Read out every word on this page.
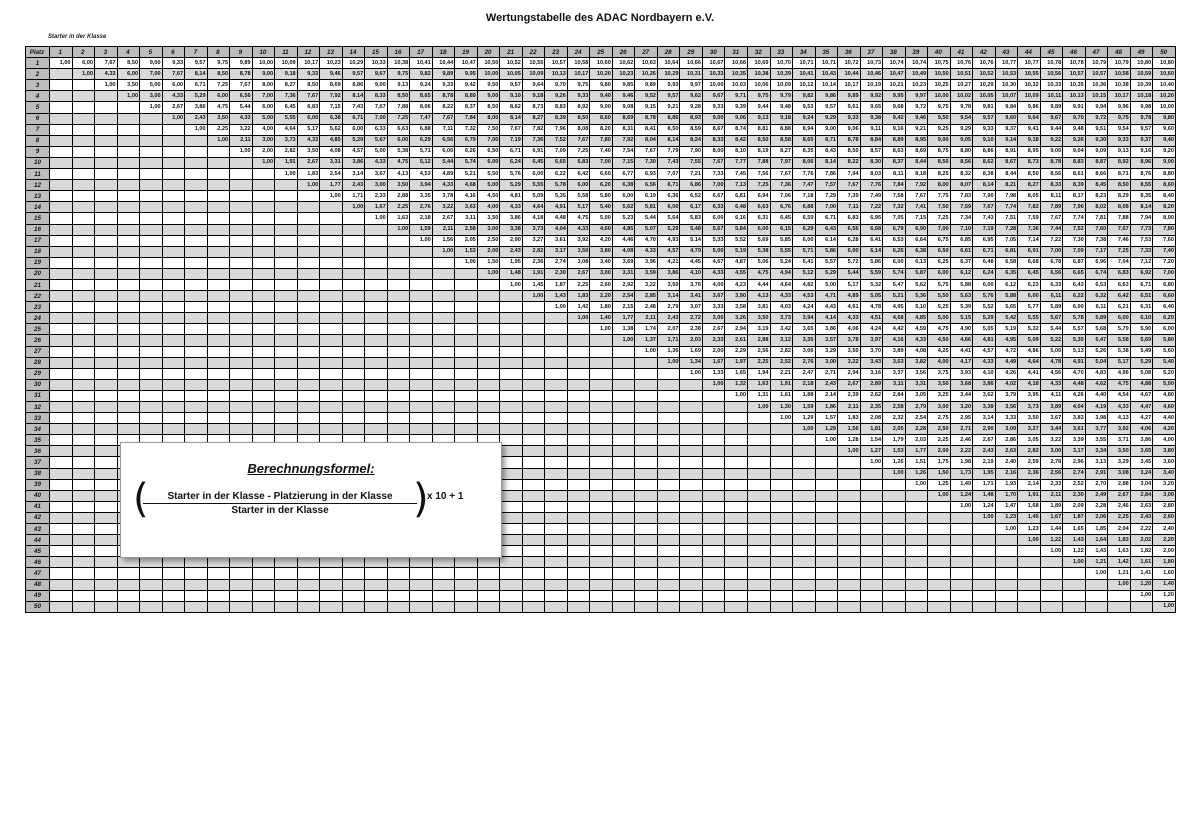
Wertungstabelle des ADAC Nordbayern e.V.
Starter in der Klasse
Platz	1	2	3	4	5	6	7	8	9	10	11	12	13	14	15	16	17	18	19	20	21	22	23	24	25	26	27	28	29	30	31	32	33	34	35	36	37	38	39	40	41	42	43	44	45	46	47	48	49	50
1	1,00	6,00	7,67	8,50	9,00	9,33	9,57	9,75	9,89	10,00	10,09	10,17	10,23	10,29	10,33	10,38	10,41	10,44	10,47	10,50	10,52	10,55	10,57	10,58	10,60	10,62	10,63	10,64	10,66	10,67	10,68	10,69	10,70	10,71	10,71	10,72	10,73	10,74	10,74	10,75	10,76	10,76	10,77	10,77	10,78	10,78	10,79	10,79	10,80	10,80
2		1,00	4,33	6,00	7,00	7,67	8,14	8,50	8,78	9,00	9,18	9,33	9,46	9,57	9,67	9,75	9,82	9,89	9,95	10,00	10,05	10,09	10,13	10,17	10,20	10,23	10,26	10,29	10,31	10,33	10,35	10,38	10,39	10,41	10,43	10,44	10,46	10,47	10,49	10,50	10,51	10,52	10,53	10,55	10,56	10,57	10,57	10,58	10,59	10,60
3			1,00	3,50	5,00	6,00	6,71	7,25	7,67	8,00	8,27	8,50	8,69	8,86	9,00	9,13	9,24	9,33	9,42	9,50	9,57	9,64	9,70	9,75	9,80	9,85	9,89	9,93	9,97	10,00	10,03	10,06	10,09	10,12	10,14	10,17	10,19	10,21	10,23	10,25	10,27	10,29	10,30	10,32	10,33	10,35	10,36	10,38	10,39	10,40
4				1,00	3,00	4,33	5,29	6,00	6,56	7,00	7,36	7,67	7,92	8,14	8,33	8,50	8,65	8,78	8,89	9,00	9,10	9,18	9,26	9,33	9,40	9,46	9,52	9,57	9,62	9,67	9,71	9,75	9,79	9,82	9,86	9,89	9,92	9,95	9,97	10,00	10,02	10,05	10,07	10,09	10,11	10,13	10,15	10,17	10,18	10,20
5					1,00	2,67	3,86	4,75	5,44	6,00	6,45	6,83	7,15	7,43	7,67	7,88	8,06	8,22	8,37	8,50	8,62	8,73	8,83	8,92	9,00	9,08	9,15	9,21	9,28	9,33	9,39	9,44	9,48	9,53	9,57	9,61	9,65	9,68	9,72	9,75	9,78	9,81	9,84	9,86	9,89	9,91	9,94	9,96	9,98	10,00
6						1,00	2,43	3,50	4,33	5,00	5,55	6,00	6,38	6,71	7,00	7,25	7,47	7,67	7,84	8,00	8,14	8,27	8,39	8,50	8,60	8,69	8,78	8,86	8,93	9,00	9,06	9,13	9,18	9,24	9,29	9,33	9,38	9,42	9,46	9,50	9,54	9,57	9,60	9,64	9,67	9,70	9,72	9,75	9,78	9,80
7							1,00	2,25	3,22	4,00	4,64	5,17	5,62	6,00	6,33	6,63	6,88	7,11	7,32	7,50	7,67	7,82	7,96	8,08	8,20	8,31	8,41	8,50	8,59	8,67	8,74	8,81	8,88	8,94	9,00	9,06	9,11	9,16	9,21	9,25	9,29	9,33	9,37	9,41	9,44	9,48	9,51	9,54	9,57	9,60
8								1,00	2,11	3,00	3,73	4,33	4,85	5,29	5,67	6,00	6,29	6,56	6,79	7,00	7,19	7,36	7,52	7,67	7,80	7,92	8,04	8,14	8,24	8,33	8,42	8,50	8,58	8,65	8,71	8,78	8,84	8,89	8,95	9,00	9,05	9,10	9,14	9,18	9,22	9,26	9,30	9,33	9,37	9,40
9									1,00	2,00	2,82	3,50	4,08	4,57	5,00	5,38	5,71	6,00	6,26	6,50	6,71	6,91	7,09	7,25	7,40	7,54	7,67	7,79	7,90	8,00	8,10	8,19	8,27	8,35	8,43	8,50	8,57	8,63	8,69	8,75	8,80	8,86	8,91	8,95	9,00	9,04	9,09	9,13	9,16	9,20
10										1,00	1,91	2,67	3,31	3,86	4,33	4,75	5,12	5,44	5,74	6,00	6,24	6,45	6,65	6,83	7,00	7,15	7,30	7,43	7,55	7,67	7,77	7,88	7,97	8,06	8,14	8,22	8,30	8,37	8,44	8,50	8,56	8,62	8,67	8,73	8,78	8,83	8,87	8,92	8,96	9,00
11											1,00	1,83	2,54	3,14	3,67	4,13	4,53	4,89	5,21	5,50	5,76	6,00	6,22	6,42	6,60	6,77	6,93	7,07	7,21	7,33	7,45	7,56	7,67	7,76	7,86	7,94	8,03	8,11	8,18	8,25	8,32	8,38	8,44	8,50	8,56	8,61	8,66	8,71	8,76	8,80
12												1,00	1,77	2,43	3,00	3,50	3,94	4,33	4,68	5,00	5,29	5,55	5,78	6,00	6,20	6,38	6,56	6,71	6,86	7,00	7,13	7,25	7,36	7,47	7,57	7,67	7,76	7,84	7,92	8,00	8,07	8,14	8,21	8,27	8,33	8,39	8,45	8,50	8,55	8,60
13													1,00	1,71	2,33	2,88	3,35	3,78	4,16	4,50	4,81	5,09	5,35	5,58	5,80	6,00	6,19	6,36	6,52	6,67	6,81	6,94	7,06	7,18	7,29	7,39	7,49	7,58	7,67	7,75	7,83	7,90	7,98	8,05	8,11	8,17	8,23	8,29	8,35	8,40
14														1,00	1,67	2,25	2,76	3,22	3,63	4,00	4,33	4,64	4,91	5,17	5,40	5,62	5,81	6,00	6,17	6,33	6,48	6,63	6,76	6,88	7,00	7,11	7,22	7,32	7,41	7,50	7,59	7,67	7,74	7,82	7,89	7,96	8,02	8,08	8,14	8,20
15															1,00	1,63	2,18	2,67	3,11	3,50	3,86	4,18	4,48	4,75	5,00	5,23	5,44	5,64	5,83	6,00	6,16	6,31	6,45	6,59	6,71	6,83	6,95	7,05	7,15	7,25	7,34	7,43	7,51	7,59	7,67	7,74	7,81	7,88	7,94	8,00
16																1,00	1,59	2,11	2,58	3,00	3,38	3,73	4,04	4,33	4,60	4,85	5,07	5,29	5,48	5,67	5,84	6,00	6,15	6,29	6,43	6,56	6,68	6,79	6,90	7,00	7,10	7,19	7,28	7,36	7,44	7,52	7,60	7,67	7,73	7,80
17																	1,00	1,56	2,05	2,50	2,90	3,27	3,61	3,92	4,20	4,46	4,70	4,93	5,14	5,33	5,52	5,69	5,85	6,00	6,14	6,28	6,41	6,53	6,64	6,75	6,85	6,95	7,05	7,14	7,22	7,30	7,38	7,46	7,53	7,60
18																		1,00	1,53	2,00	2,43	2,82	3,17	3,50	3,80	4,08	4,33	4,57	4,79	5,00	5,19	5,38	5,55	5,71	5,86	6,00	6,14	6,26	6,38	6,50	6,61	6,71	6,81	6,91	7,00	7,09	7,17	7,25	7,33	7,40
19																			1,00	1,50	1,95	2,36	2,74	3,08	3,40	3,69	3,96	4,21	4,45	4,67	4,87	5,06	5,24	5,41	5,57	5,72	5,86	6,00	6,13	6,25	6,37	6,48	6,58	6,68	6,78	6,87	6,96	7,04	7,12	7,20
20																				1,00	1,48	1,91	2,30	2,67	3,00	3,31	3,59	3,86	4,10	4,33	4,55	4,75	4,94	5,12	5,29	5,44	5,59	5,74	5,87	6,00	6,12	6,24	6,35	6,45	6,56	6,65	6,74	6,83	6,92	7,00
21																					1,00	1,45	1,87	2,25	2,60	2,92	3,22	3,50	3,76	4,00	4,23	4,44	4,64	4,82	5,00	5,17	5,32	5,47	5,62	5,75	5,88	6,00	6,12	6,23	6,33	6,43	6,53	6,63	6,71	6,80
22																						1,00	1,43	1,83	2,20	2,54	2,85	3,14	3,41	3,67	3,90	4,13	4,33	4,53	4,71	4,89	5,05	5,21	5,36	5,50	5,63	5,76	5,88	6,00	6,11	6,22	6,32	6,42	6,51	6,60
23																							1,00	1,42	1,80	2,15	2,48	2,79	3,07	3,33	3,58	3,81	4,03	4,24	4,43	4,61	4,78	4,95	5,10	5,25	5,39	5,52	5,65	5,77	5,89	6,00	6,11	6,21	6,31	6,40
24																								1,00	1,40	1,77	2,11	2,43	2,72	3,00	3,26	3,50	3,73	3,94	4,14	4,33	4,51	4,68	4,85	5,00	5,15	5,29	5,42	5,55	5,67	5,78	5,89	6,00	6,10	6,20
25																									1,00	1,38	1,74	2,07	2,38	2,67	2,94	3,19	3,42	3,65	3,86	4,06	4,24	4,42	4,59	4,75	4,90	5,05	5,19	5,32	5,44	5,57	5,68	5,79	5,90	6,00
26																										1,00	1,37	1,71	2,03	2,33	2,61	2,88	3,12	3,35	3,57	3,78	3,97	4,16	4,33	4,50	4,66	4,81	4,95	5,09	5,22	5,35	5,47	5,58	5,69	5,80
27																											1,00	1,36	1,69	2,00	2,29	2,56	2,82	3,06	3,29	3,50	3,70	3,89	4,08	4,25	4,41	4,57	4,72	4,86	5,00	5,13	5,26	5,38	5,49	5,60
28																												1,00	1,34	1,67	1,97	2,25	2,52	2,76	3,00	3,22	3,43	3,63	3,82	4,00	4,17	4,33	4,49	4,64	4,78	4,91	5,04	5,17	5,29	5,40
29																													1,00	1,33	1,65	1,94	2,21	2,47	2,71	2,94	3,16	3,37	3,56	3,75	3,93	4,10	4,26	4,41	4,56	4,70	4,83	4,96	5,08	5,20
30																														1,00	1,32	1,63	1,91	2,18	2,43	2,67	2,89	3,11	3,31	3,50	3,68	3,86	4,02	4,18	4,33	4,48	4,62	4,75	4,88	5,00
31																															1,00	1,31	1,61	1,88	2,14	2,39	2,62	2,84	3,05	3,25	3,44	3,62	3,79	3,95	4,11	4,26	4,40	4,54	4,67	4,80
32																																1,00	1,30	1,59	1,86	2,11	2,35	2,58	2,79	3,00	3,20	3,38	3,56	3,73	3,89	4,04	4,19	4,33	4,47	4,60
33																																	1,00	1,29	1,57	1,83	2,08	2,32	2,54	2,75	2,95	3,14	3,33	3,50	3,67	3,83	3,98	4,13	4,27	4,40
34																																		1,00	1,29	1,56	1,81	2,05	2,28	2,50	2,71	2,90	3,09	3,27	3,44	3,61	3,77	3,92	4,06	4,20
35																																			1,00	1,28	1,54	1,79	2,03	2,25	2,46	2,67	2,86	3,05	3,22	3,39	3,55	3,71	3,86	4,00
36																																				1,00	1,27	1,53	1,77	2,00	2,22	2,43	2,63	2,82	3,00	3,17	3,34	3,50	3,65	3,80
37																																					1,00	1,26	1,51	1,75	1,98	2,19	2,40	2,59	2,78	2,96	3,13	3,29	3,45	3,60
38																																						1,00	1,26	1,50	1,73	1,95	2,16	2,36	2,56	2,74	2,91	3,08	3,24	3,40
39																																							1,00	1,25	1,49	1,71	1,93	2,14	2,33	2,52	2,70	2,88	3,04	3,20
40																																								1,00	1,24	1,48	1,70	1,91	2,11	2,30	2,49	2,67	2,84	3,00
41																																									1,00	1,24	1,47	1,68	1,89	2,09	2,28	2,46	2,63	2,80
42																																										1,00	1,23	1,45	1,67	1,87	2,06	2,25	2,43	2,60
43																																											1,00	1,23	1,44	1,65	1,85	2,04	2,22	2,40
44																																												1,00	1,22	1,43	1,64	1,83	2,02	2,20
45																																													1,00	1,22	1,43	1,63	1,82	2,00
46																																														1,00	1,21	1,42	1,61	1,80
47																																															1,00	1,21	1,41	1,60
48																																																1,00	1,20	1,40
49																																																	1,00	1,20
50																																																		1,00
Berechnungsformel:
(	Starter in der Klasse - Platzierung in der Klasse
Starter in der Klasse	)
x 10 + 1
